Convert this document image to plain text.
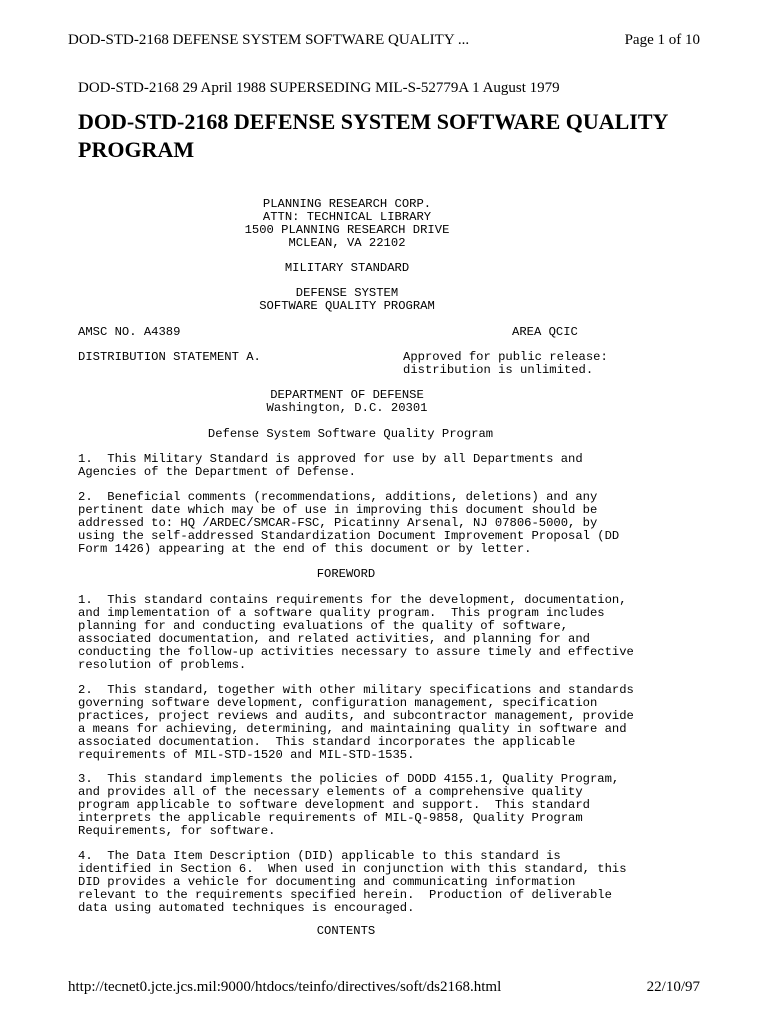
DOD-STD-2168 DEFENSE SYSTEM SOFTWARE QUALITY ...	Page 1 of 10
DOD-STD-2168 29 April 1988 SUPERSEDING MIL-S-52779A 1 August 1979
DOD-STD-2168 DEFENSE SYSTEM SOFTWARE QUALITY PROGRAM
PLANNING RESEARCH CORP.
ATTN: TECHNICAL LIBRARY
1500 PLANNING RESEARCH DRIVE
MCLEAN, VA 22102
MILITARY STANDARD
DEFENSE SYSTEM
SOFTWARE QUALITY PROGRAM
AMSC NO. A4389	AREA QCIC
DISTRIBUTION STATEMENT A.	Approved for public release:
distribution is unlimited.
DEPARTMENT OF DEFENSE
Washington, D.C. 20301
Defense System Software Quality Program
1.  This Military Standard is approved for use by all Departments and
Agencies of the Department of Defense.
2.  Beneficial comments (recommendations, additions, deletions) and any
pertinent date which may be of use in improving this document should be
addressed to: HQ /ARDEC/SMCAR-FSC, Picatinny Arsenal, NJ 07806-5000, by
using the self-addressed Standardization Document Improvement Proposal (DD
Form 1426) appearing at the end of this document or by letter.
FOREWORD
1.  This standard contains requirements for the development, documentation,
and implementation of a software quality program.  This program includes
planning for and conducting evaluations of the quality of software,
associated documentation, and related activities, and planning for and
conducting the follow-up activities necessary to assure timely and effective
resolution of problems.
2.  This standard, together with other military specifications and standards
governing software development, configuration management, specification
practices, project reviews and audits, and subcontractor management, provide
a means for achieving, determining, and maintaining quality in software and
associated documentation.  This standard incorporates the applicable
requirements of MIL-STD-1520 and MIL-STD-1535.
3.  This standard implements the policies of DODD 4155.1, Quality Program,
and provides all of the necessary elements of a comprehensive quality
program applicable to software development and support.  This standard
interprets the applicable requirements of MIL-Q-9858, Quality Program
Requirements, for software.
4.  The Data Item Description (DID) applicable to this standard is
identified in Section 6.  When used in conjunction with this standard, this
DID provides a vehicle for documenting and communicating information
relevant to the requirements specified herein.  Production of deliverable
data using automated techniques is encouraged.
CONTENTS
http://tecnet0.jcte.jcs.mil:9000/htdocs/teinfo/directives/soft/ds2168.html	22/10/97
